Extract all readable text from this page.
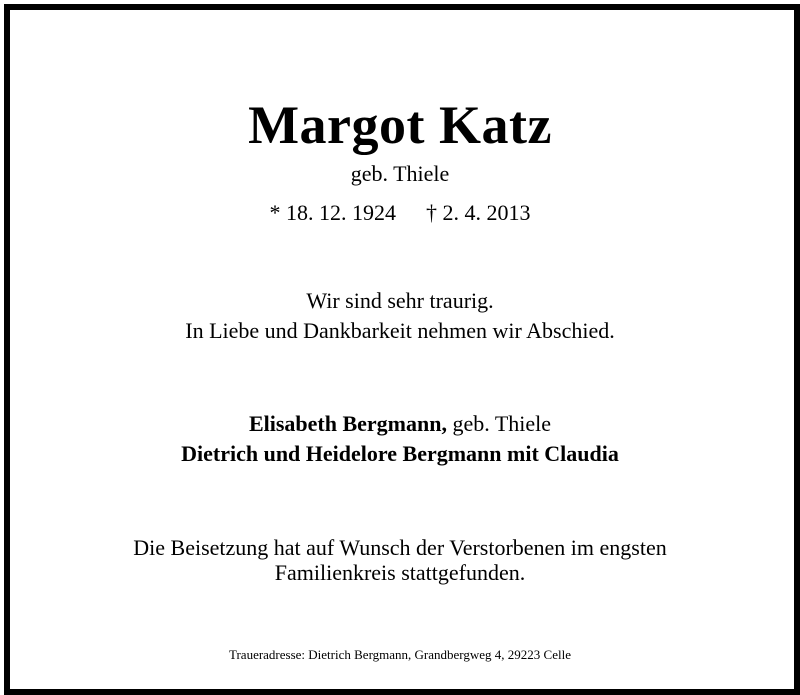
Margot Katz
geb. Thiele
* 18. 12. 1924 † 2. 4. 2013
Wir sind sehr traurig.
In Liebe und Dankbarkeit nehmen wir Abschied.
Elisabeth Bergmann, geb. Thiele
Dietrich und Heidelore Bergmann mit Claudia
Die Beisetzung hat auf Wunsch der Verstorbenen im engsten
Familienkreis stattgefunden.
Traueradresse: Dietrich Bergmann, Grandbergweg 4, 29223 Celle
